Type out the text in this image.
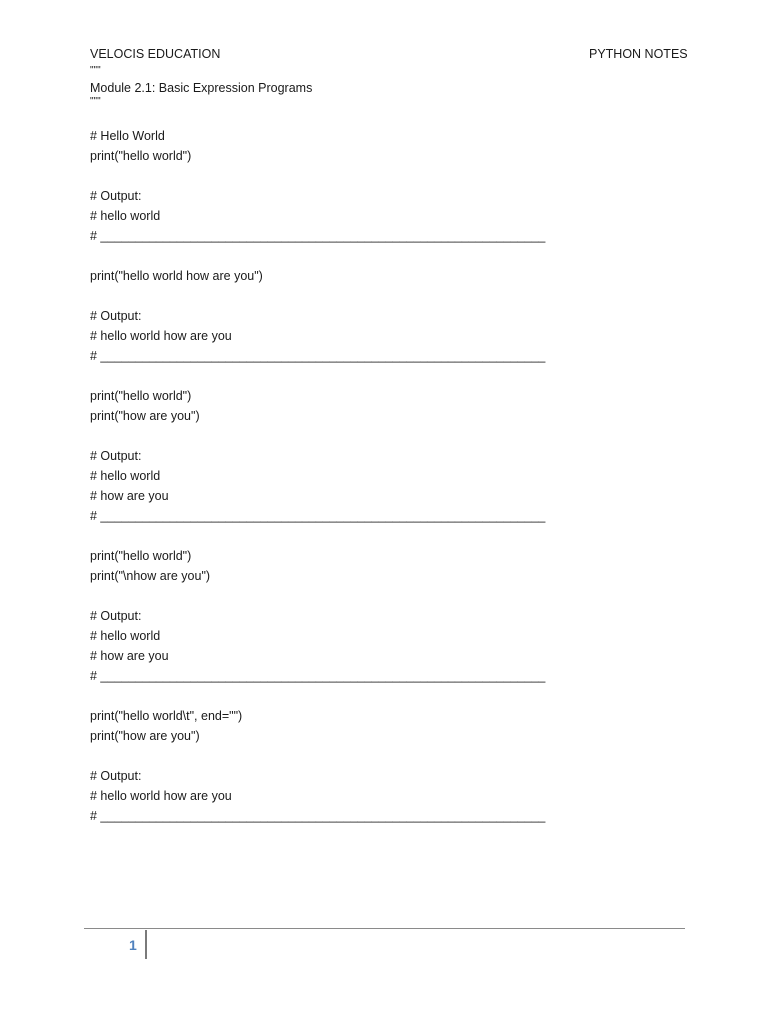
VELOCIS EDUCATION	PYTHON NOTES
"""
Module 2.1: Basic Expression Programs
"""
# Hello World
print("hello world")
# Output:
# hello world
# ________________________________________________________________
print("hello world how are you")
# Output:
# hello world how are you
# ________________________________________________________________
print("hello world")
print("how are you")
# Output:
# hello world
# how are you
# ________________________________________________________________
print("hello world")
print("\nhow are you")
# Output:
# hello world
# how are you
# ________________________________________________________________
print("hello world\t", end="")
print("how are you")
# Output:
# hello world how are you
# ________________________________________________________________
1
